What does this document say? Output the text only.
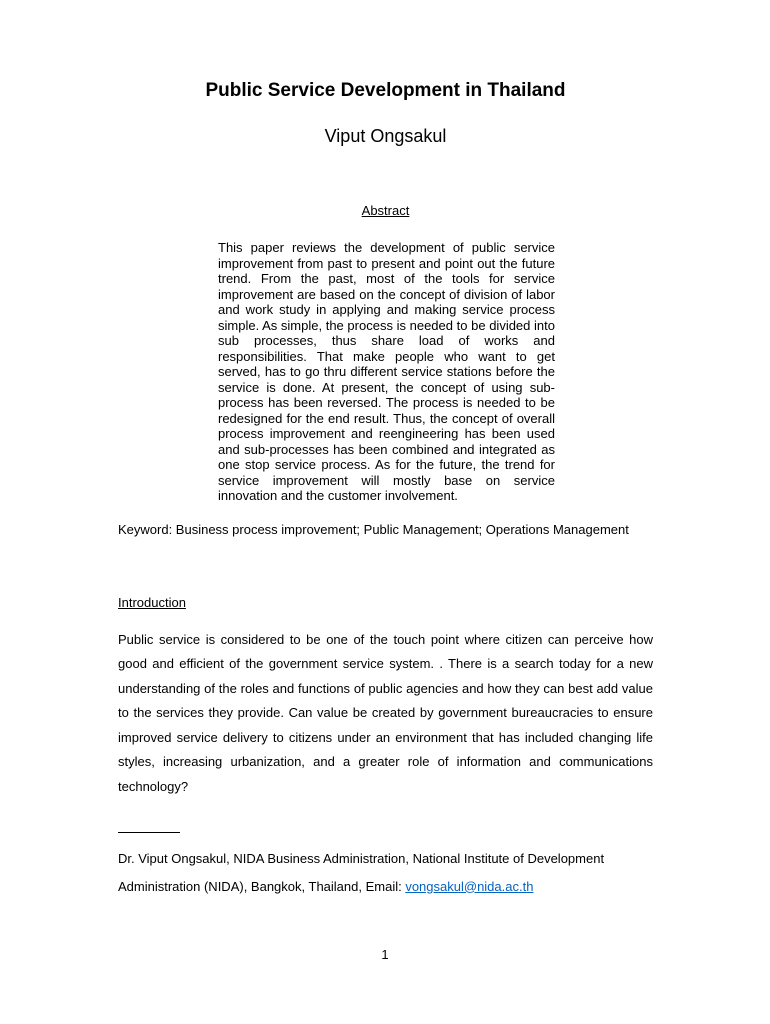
Public Service Development in Thailand
Viput Ongsakul
Abstract
This paper reviews the development of public service improvement from past to present and point out the future trend. From the past, most of the tools for service improvement are based on the concept of division of labor and work study in applying and making service process simple. As simple, the process is needed to be divided into sub processes, thus share load of works and responsibilities. That make people who want to get served, has to go thru different service stations before the service is done. At present, the concept of using sub-process has been reversed. The process is needed to be redesigned for the end result. Thus, the concept of overall process improvement and reengineering has been used and sub-processes has been combined and integrated as one stop service process. As for the future, the trend for service improvement will mostly base on service innovation and the customer involvement.
Keyword: Business process improvement; Public Management; Operations Management
Introduction
Public service is considered to be one of the touch point where citizen can perceive how good and efficient of the government service system. . There is a search today for a new understanding of the roles and functions of public agencies and how they can best add value to the services they provide. Can value be created by government bureaucracies to ensure improved service delivery to citizens under an environment that has included changing life styles, increasing urbanization, and a greater role of information and communications technology?
Dr. Viput Ongsakul, NIDA Business Administration, National Institute of Development Administration (NIDA), Bangkok, Thailand, Email: vongsakul@nida.ac.th
1
